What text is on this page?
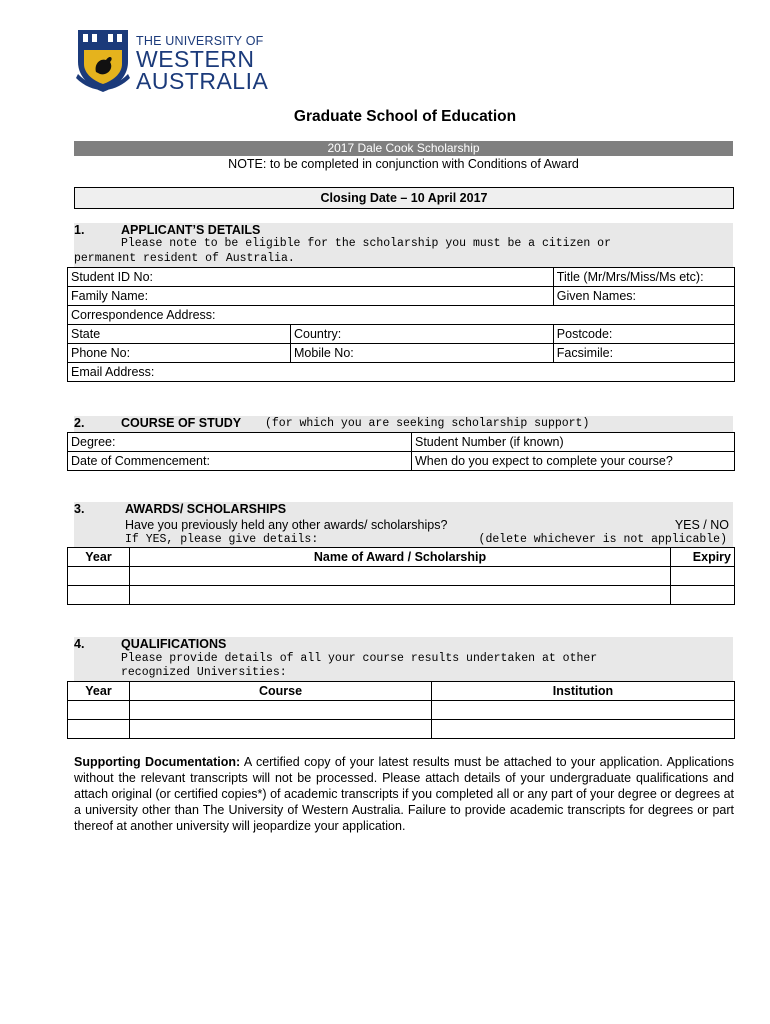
THE UNIVERSITY OF
WESTERN
AUSTRALIA
Graduate School of Education
2017 Dale Cook Scholarship
NOTE: to be completed in conjunction with Conditions of Award
Closing Date – 10 April 2017
1.	APPLICANT’S DETAILS
Please note to be eligible for the scholarship you must be a citizen or
permanent resident of Australia.
Student ID No:		Title (Mr/Mrs/Miss/Ms etc):
Family Name:		Given Names:
Correspondence Address:		
State	Country:	Postcode:
Phone No:	Mobile No:	Facsimile:
Email Address:		
2.	COURSE OF STUDY (for which you are seeking scholarship support)
Degree:	Student Number (if known)
Date of Commencement:	When do you expect to complete your course?
3.	AWARDS/ SCHOLARSHIPS
Have you previously held any other awards/ scholarships?	YES / NO
If YES, please give details:	(delete whichever is not applicable)
Year	Name of Award / Scholarship	Expiry

4.	QUALIFICATIONS
Please provide details of all your course results undertaken at other
recognized Universities:
Year	Course	Institution

Supporting Documentation: A certified copy of your latest results must be attached to your application. Applications without the relevant transcripts will not be processed. Please attach details of your undergraduate qualifications and attach original (or certified copies*) of academic transcripts if you completed all or any part of your degree or degrees at a university other than The University of Western Australia. Failure to provide academic transcripts for degrees or part thereof at another university will jeopardize your application.
